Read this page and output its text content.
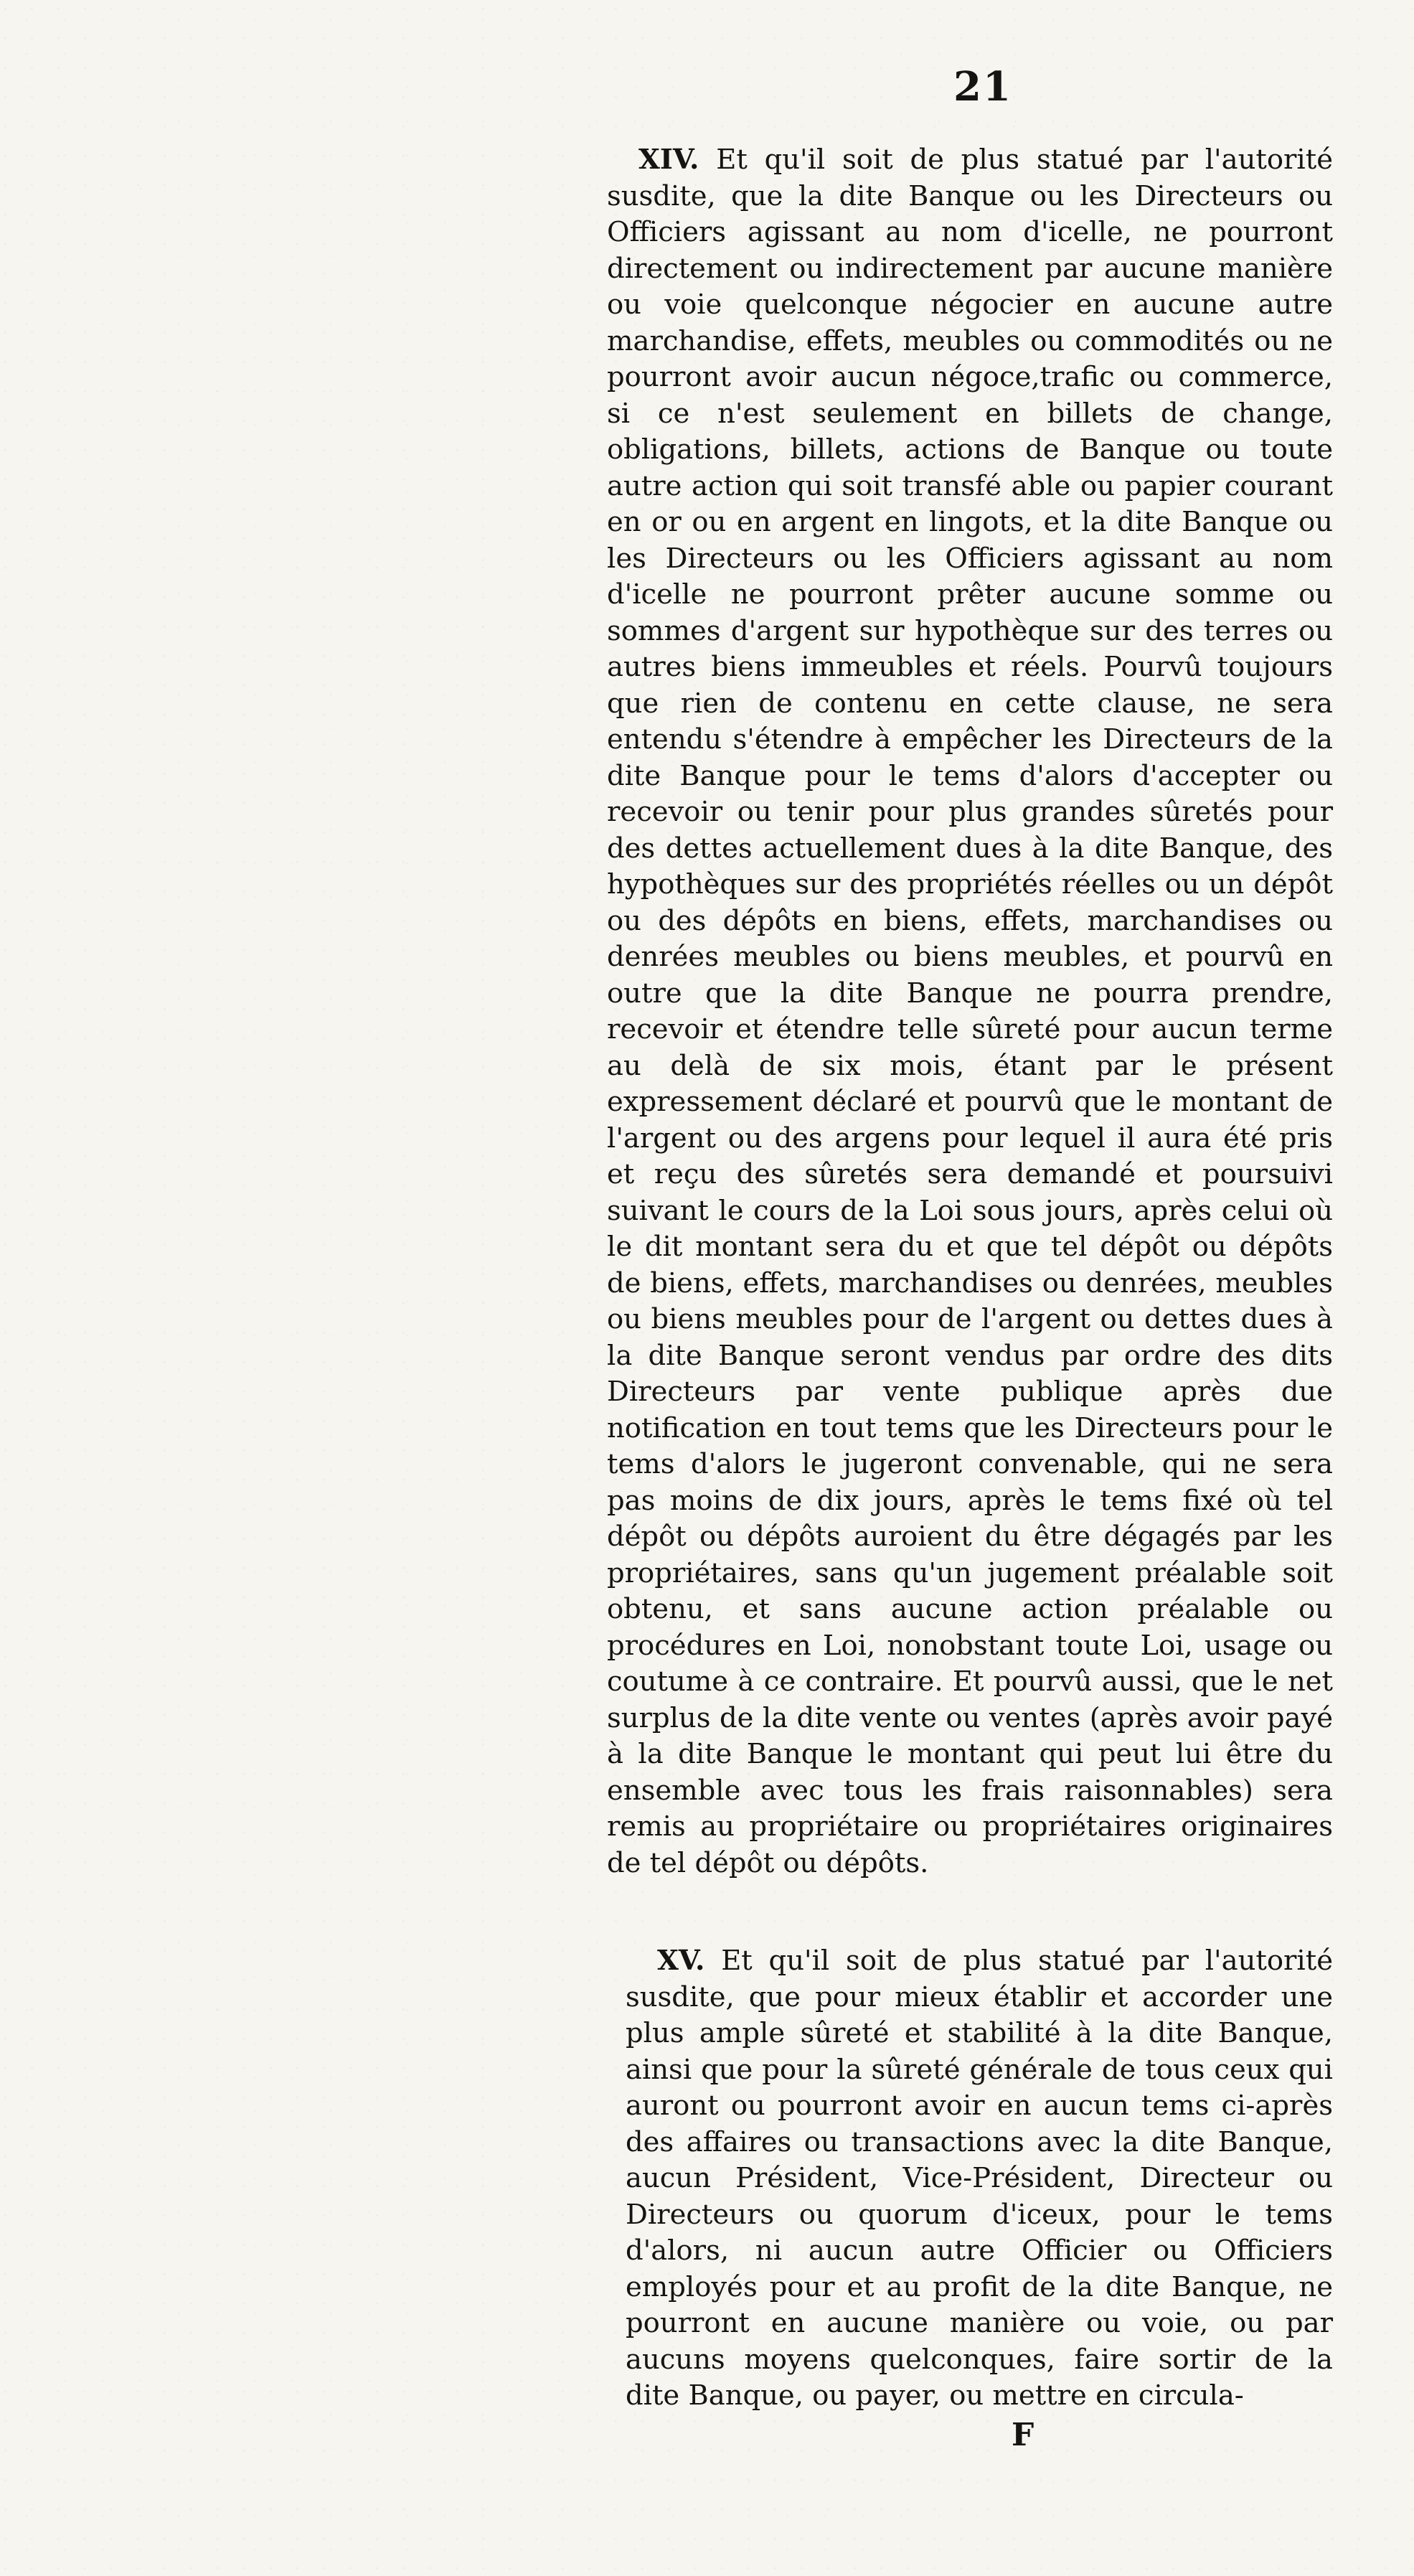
21

XIV. Et qu'il soit de plus statué par l'autorité susdite, que la dite Banque ou les Directeurs ou Officiers agissant au nom d'icelle, ne pourront directement ou indirectement par aucune manière ou voie quelconque négocier en aucune autre marchandise, effets, meubles ou commodités ou ne pourront avoir aucun négoce,trafic ou commerce, si ce n'est seulement en billets de change, obligations, billets, actions de Banque ou toute autre action qui soit transfé able ou papier courant en or ou en argent en lingots, et la dite Banque ou les Directeurs ou les Officiers agissant au nom d'icelle ne pourront prêter aucune somme ou sommes d'argent sur hypothèque sur des terres ou autres biens immeubles et réels. Pourvû toujours que rien de contenu en cette clause, ne sera entendu s'étendre à empêcher les Directeurs de la dite Banque pour le tems d'alors d'accepter ou recevoir ou tenir pour plus grandes sûretés pour des dettes actuellement dues à la dite Banque, des hypothèques sur des propriétés réelles ou un dépôt ou des dépôts en biens, effets, marchandises ou denrées meubles ou biens meubles, et pourvû en outre que la dite Banque ne pourra prendre, recevoir et étendre telle sûreté pour aucun terme au delà de six mois, étant par le présent expressement déclaré et pourvû que le montant de l'argent ou des argens pour lequel il aura été pris et reçu des sûretés sera demandé et poursuivi suivant le cours de la Loi sous jours, après celui où le dit montant sera du et que tel dépôt ou dépôts de biens, effets, marchandises ou denrées, meubles ou biens meubles pour de l'argent ou dettes dues à la dite Banque seront vendus par ordre des dits Directeurs par vente publique après due notification en tout tems que les Directeurs pour le tems d'alors le jugeront convenable, qui ne sera pas moins de dix jours, après le tems fixé où tel dépôt ou dépôts auroient du être dégagés par les propriétaires, sans qu'un jugement préalable soit obtenu, et sans aucune action préalable ou procédures en Loi, nonobstant toute Loi, usage ou coutume à ce contraire. Et pourvû aussi, que le net surplus de la dite vente ou ventes (après avoir payé à la dite Banque le montant qui peut lui être du ensemble avec tous les frais raisonnables) sera remis au propriétaire ou propriétaires originaires de tel dépôt ou dépôts.

XV. Et qu'il soit de plus statué par l'autorité susdite, que pour mieux établir et accorder une plus ample sûreté et stabilité à la dite Banque, ainsi que pour la sûreté générale de tous ceux qui auront ou pourront avoir en aucun tems ci-après des affaires ou transactions avec la dite Banque, aucun Président, Vice-Président, Directeur ou Directeurs ou quorum d'iceux, pour le tems d'alors, ni aucun autre Officier ou Officiers employés pour et au profit de la dite Banque, ne pourront en aucune manière ou voie, ou par aucuns moyens quelconques, faire sortir de la dite Banque, ou payer, ou mettre en circula-

F
